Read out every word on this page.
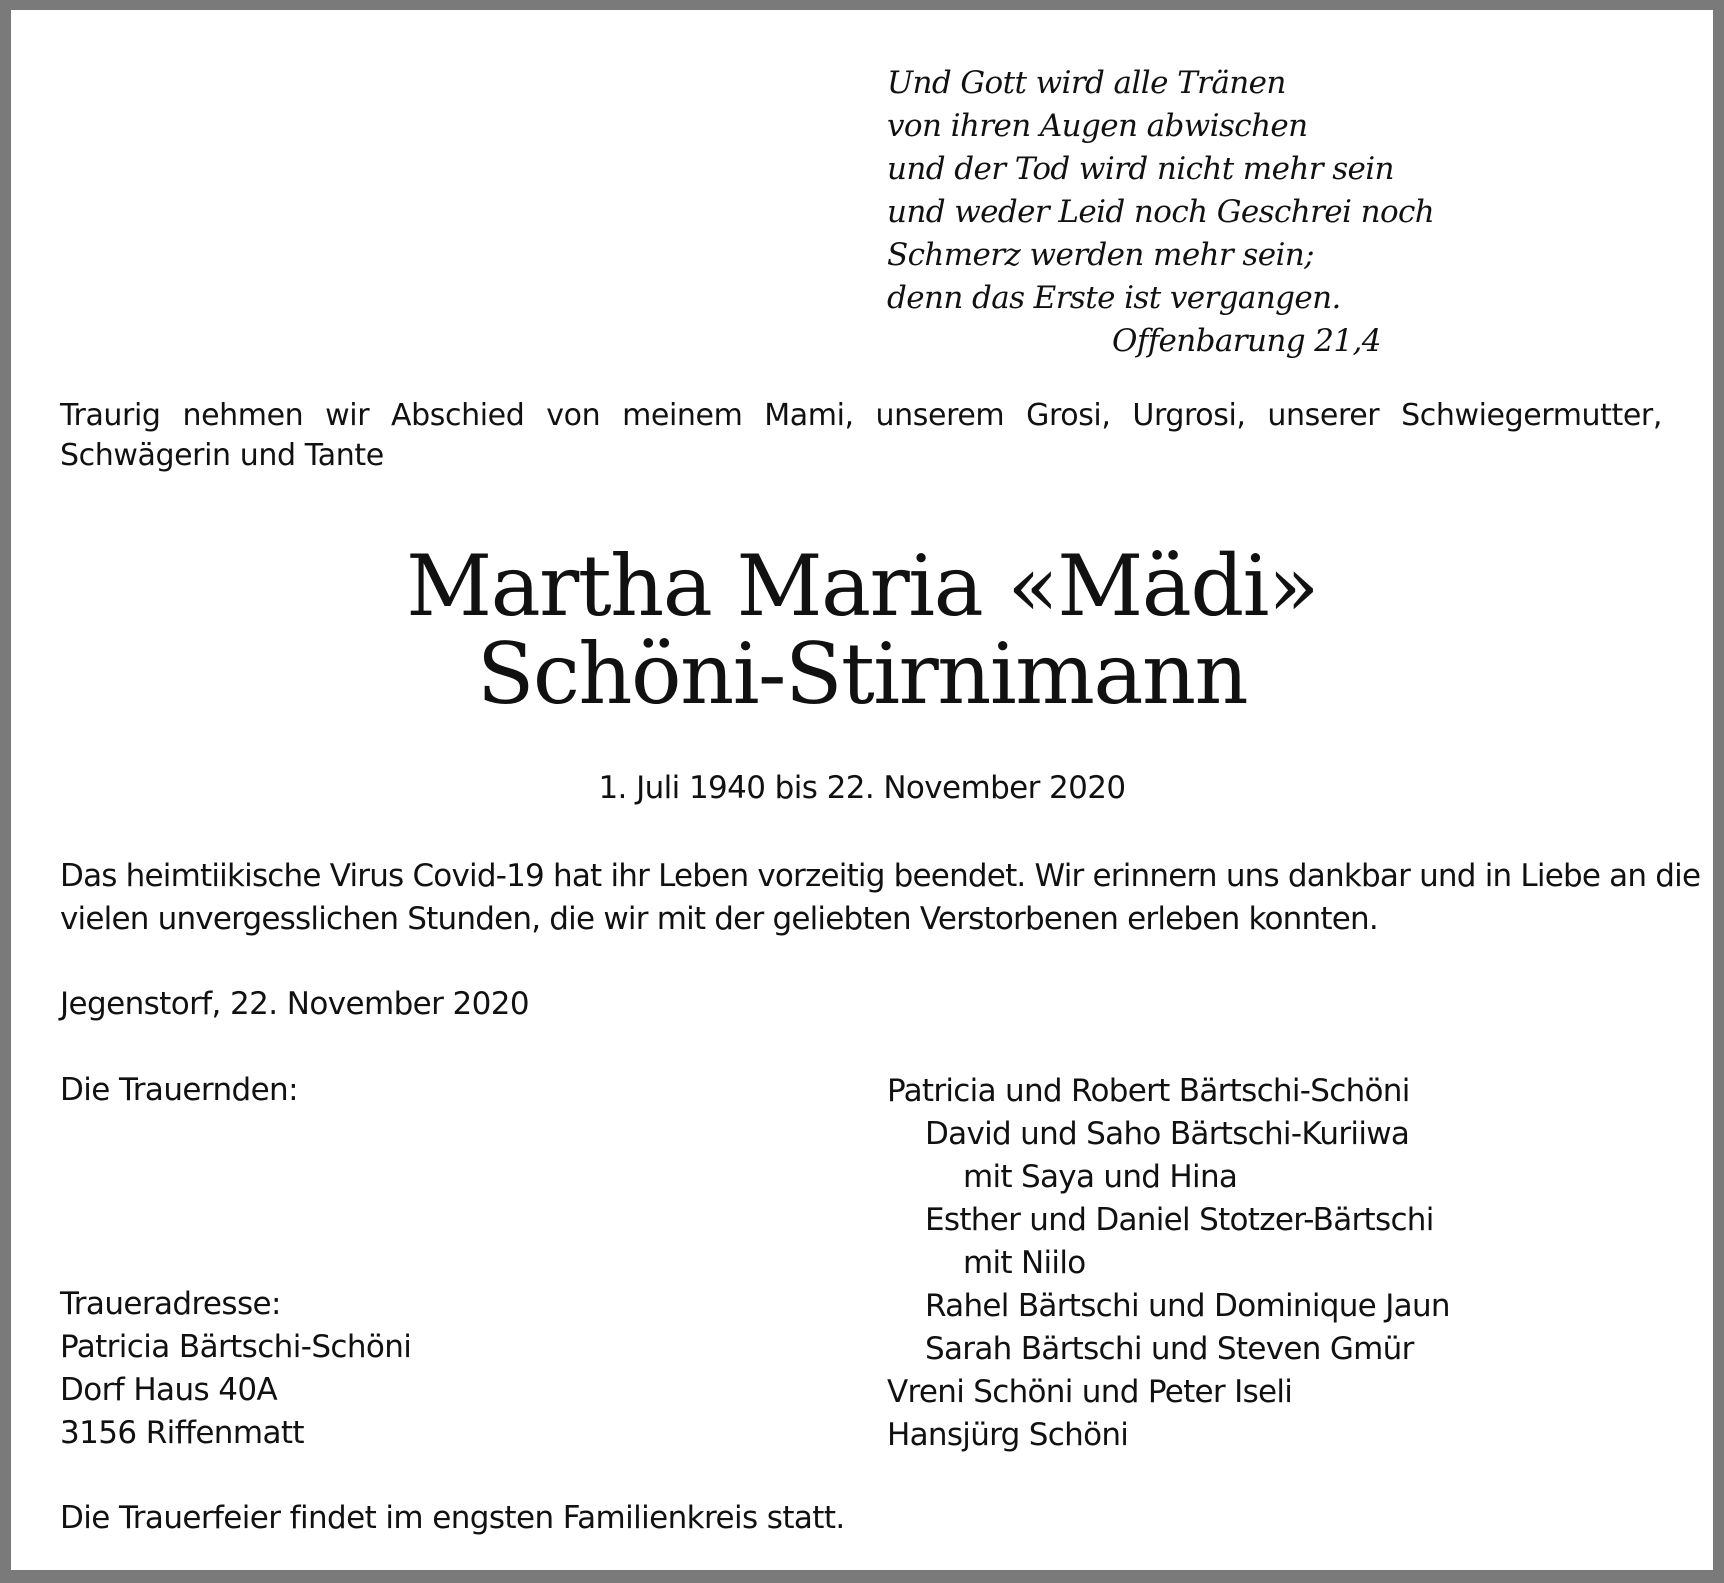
Und Gott wird alle Tränen
von ihren Augen abwischen
und der Tod wird nicht mehr sein
und weder Leid noch Geschrei noch
Schmerz werden mehr sein;
denn das Erste ist vergangen.
Offenbarung 21,4
Traurig nehmen wir Abschied von meinem Mami, unserem Grosi, Urgrosi, unserer Schwiegermutter, Schwägerin und Tante
Martha Maria «Mädi»
Schöni-Stirnimann
1. Juli 1940 bis 22. November 2020
Das heimtiikische Virus Covid-19 hat ihr Leben vorzeitig beendet. Wir erinnern uns dankbar und in Liebe an die
vielen unvergesslichen Stunden, die wir mit der geliebten Verstorbenen erleben konnten.
Jegenstorf, 22. November 2020
Die Trauernden:	Patricia und Robert Bärtschi-Schöni
David und Saho Bärtschi-Kuriiwa
mit Saya und Hina
Esther und Daniel Stotzer-Bärtschi
mit Niilo
Rahel Bärtschi und Dominique Jaun
Sarah Bärtschi und Steven Gmür
Vreni Schöni und Peter Iseli
Hansjürg Schöni
Traueradresse:
Patricia Bärtschi-Schöni
Dorf Haus 40A
3156 Riffenmatt
Die Trauerfeier findet im engsten Familienkreis statt.
